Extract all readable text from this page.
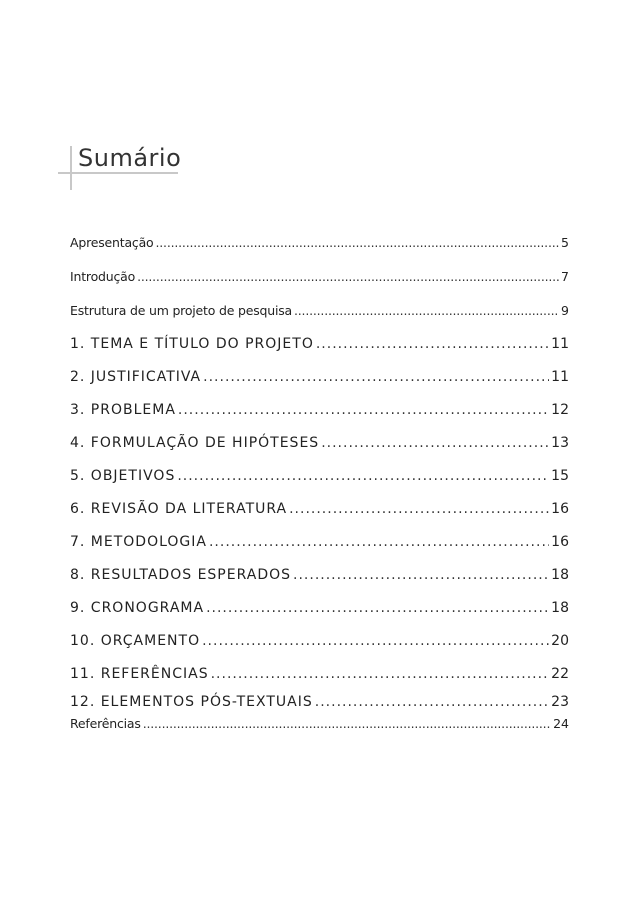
Sumário
Apresentação .....	5
Introdução .....	7
Estrutura de um projeto de pesquisa .....	9
1. TEMA E TÍTULO DO PROJETO .....	11
2. JUSTIFICATIVA .....	11
3. PROBLEMA .....	12
4. FORMULAÇÃO DE HIPÓTESES .....	13
5. OBJETIVOS .....	15
6. REVISÃO DA LITERATURA .....	16
7. METODOLOGIA .....	16
8. RESULTADOS ESPERADOS .....	18
9. CRONOGRAMA .....	18
10. ORÇAMENTO .....	20
11. REFERÊNCIAS .....	22
12. ELEMENTOS PÓS-TEXTUAIS .....	23
Referências .....	24
